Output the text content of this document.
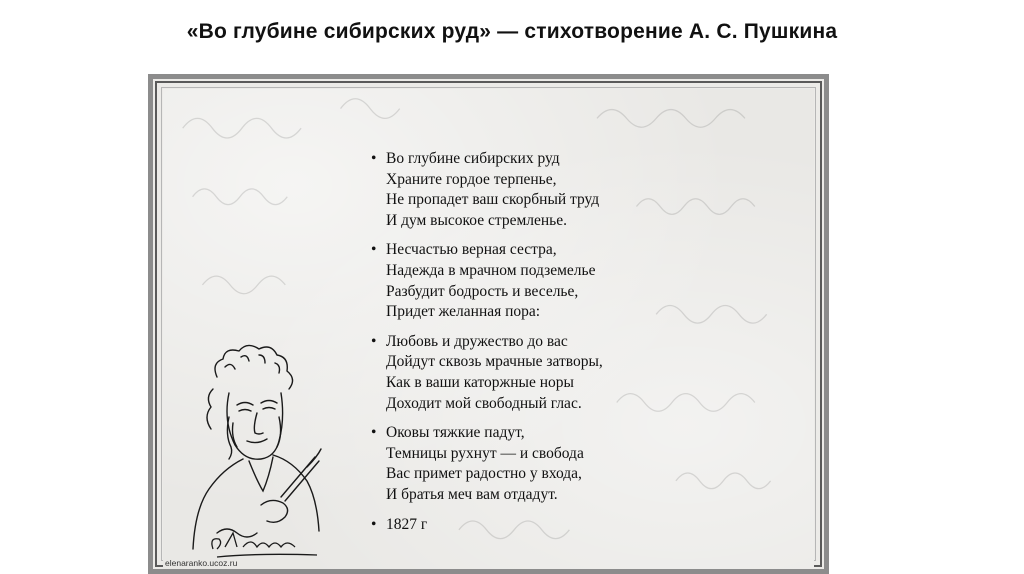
«Во глубине сибирских руд» — стихотворение А. С. Пушкина
• Во глубине сибирских руд
Храните гордое терпенье,
Не пропадет ваш скорбный труд
И дум высокое стремленье.
• Несчастью верная сестра,
Надежда в мрачном подземелье
Разбудит бодрость и веселье,
Придет желанная пора:
• Любовь и дружество до вас
Дойдут сквозь мрачные затворы,
Как в ваши каторжные норы
Доходит мой свободный глас.
• Оковы тяжкие падут,
Темницы рухнут — и свобода
Вас примет радостно у входа,
И братья меч вам отдадут.
• 1827 г
elenaranko.ucoz.ru
